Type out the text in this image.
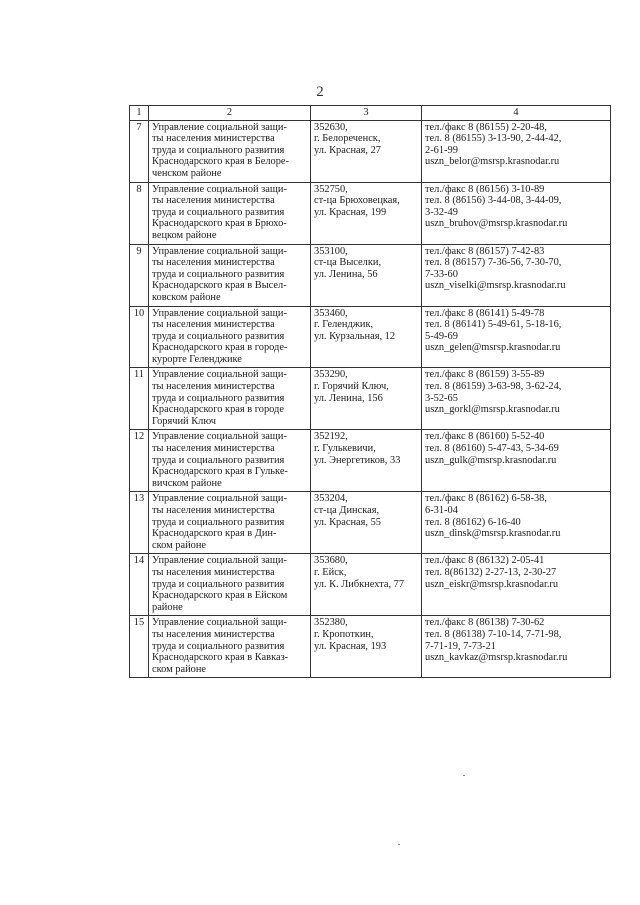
2
1	2	3	4
7	Управление социальной защи-
ты населения министерства
труда и социального развития
Краснодарского края в Белоре-
ченском районе	352630,
г. Белореченск,
ул. Красная, 27	тел./факс 8 (86155) 2-20-48,
тел. 8 (86155) 3-13-90, 2-44-42,
2-61-99
uszn_belor@msrsp.krasnodar.ru

8	Управление социальной защи-
ты населения министерства
труда и социального развития
Краснодарского края в Брюхо-
вецком районе	352750,
ст-ца Брюховецкая,
ул. Красная, 199	тел./факс 8 (86156) 3-10-89
тел. 8 (86156) 3-44-08, 3-44-09,
3-32-49
uszn_bruhov@msrsp.krasnodar.ru

9	Управление социальной защи-
ты населения министерства
труда и социального развития
Краснодарского края в Высел-
ковском районе	353100,
ст-ца Выселки,
ул. Ленина, 56	тел./факс 8 (86157) 7-42-83
тел. 8 (86157) 7-36-56, 7-30-70,
7-33-60
uszn_viselki@msrsp.krasnodar.ru

10	Управление социальной защи-
ты населения министерства
труда и социального развития
Краснодарского края в городе-
курорте Геленджике	353460,
г. Геленджик,
ул. Курзальная, 12	тел./факс 8 (86141) 5-49-78
тел. 8 (86141) 5-49-61, 5-18-16,
5-49-69
uszn_gelen@msrsp.krasnodar.ru

11	Управление социальной защи-
ты населения министерства
труда и социального развития
Краснодарского края в городе
Горячий Ключ	353290,
г. Горячий Ключ,
ул. Ленина, 156	тел./факс 8 (86159) 3-55-89
тел. 8 (86159) 3-63-98, 3-62-24,
3-52-65
uszn_gorkl@msrsp.krasnodar.ru

12	Управление социальной защи-
ты населения министерства
труда и социального развития
Краснодарского края в Гульке-
вичском районе	352192,
г. Гулькевичи,
ул. Энергетиков, 33	тел./факс 8 (86160) 5-52-40
тел. 8 (86160) 5-47-43, 5-34-69
uszn_gulk@msrsp.krasnodar.ru

13	Управление социальной защи-
ты населения министерства
труда и социального развития
Краснодарского края в Дин-
ском районе	353204,
ст-ца Динская,
ул. Красная, 55	тел./факс 8 (86162) 6-58-38,
6-31-04
тел. 8 (86162) 6-16-40
uszn_dinsk@msrsp.krasnodar.ru

14	Управление социальной защи-
ты населения министерства
труда и социального развития
Краснодарского края в Ейском
районе	353680,
г. Ейск,
ул. К. Либкнехта, 77	тел./факс 8 (86132) 2-05-41
тел. 8(86132) 2-27-13, 2-30-27
uszn_eiskr@msrsp.krasnodar.ru

15	Управление социальной защи-
ты населения министерства
труда и социального развития
Краснодарского края в Кавказ-
ском районе	352380,
г. Кропоткин,
ул. Красная, 193	тел./факс 8 (86138) 7-30-62
тел. 8 (86138) 7-10-14, 7-71-98,
7-71-19, 7-73-21
uszn_kavkaz@msrsp.krasnodar.ru
